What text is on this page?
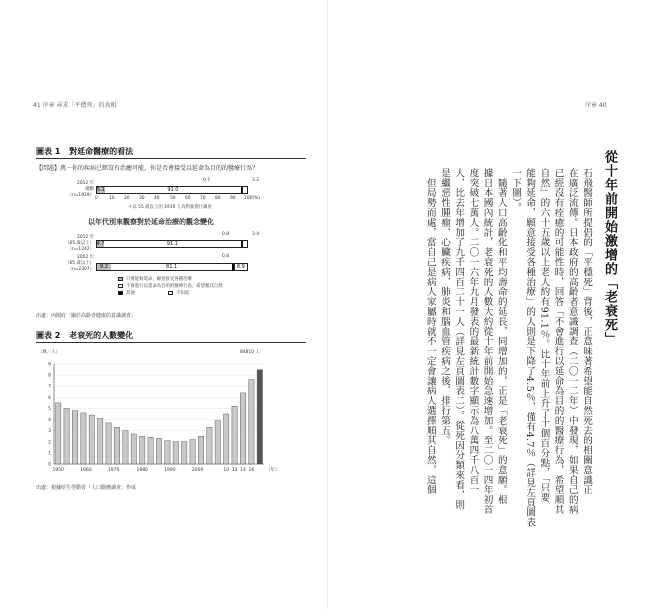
41 序章 尋求「平穩死」的真相	序章 40
圖表 1 對延命醫療的看法
【問題】萬一你的疾病已經沒有治癒可能，你是否會接受以延命為目的的醫療行為？
2012 年
總數
（n=1919）
0.7	3.2
5.1	91.0
0	10 20 30 40 50 60 70 80 90 100(%)
＊以 55 歲以上的 1919 人為對象進行調查
以年代別來觀察對於延命治療的觀念變化
2012 年
（65 歲以上）
（n=1242）
0.8	3.4
4.7	91.1
2002 年
（65 歲以上）
（n=2307）
0.8
9.2	81.1	8.9
只要能夠延命，願意接受各種治療
不會進行以延命為目的的醫療行為，希望順其自然
其他	不知道
出處：內閣府「關於高齡者健康的意識調查」
圖表 2 老衰死的人數變化
（萬／人）	84810 人
0
1
2
3
4
5
6
7
8
9
1950	1960	1970	1980	1990	2000	10 12 14 16	（年）
出處：根據厚生勞動省「人口動態調查」作成
從十年前開始激增的「老衰死」
石飛醫師所提倡的「平穩死」背後，正意味著希望能自然死去的相關意識正
在廣泛流傳。日本政府的高齡者意識調查（二〇一二年）中發現，如果自己的病
已經沒有痊癒的可能性時，回答「不會進行以延命為目的的醫療行為，希望順其
自然」的六十五歲以上老人約有91.1％。比十年前上升了十個百分點，「只要
能夠延命，願意接受各種治療」的人則是下降了4.5％，僅有4.7％（詳見左頁圖表
一下圖）。
　隨著人口高齡化和平均壽命的延長，同增加的，正是「老衰死」的意願。根
據日本國內統計，老衰死的人數大約從十年前開始急速增加。至二〇一四年初首
度突破七萬人。二〇一六年九月發表的最新統計數字顯示為八萬四千八百一
人，比去年增加了九千四百二十一人（詳見左頁圖表二）。從死因分類來看，則
是繼惡性腫瘤、心臟疾病、肺炎和腦血管疾病之後，排行第五。
　但局勢而處，當自己是病人家屬時就不一定會讓病人選擇順其自然，這個
